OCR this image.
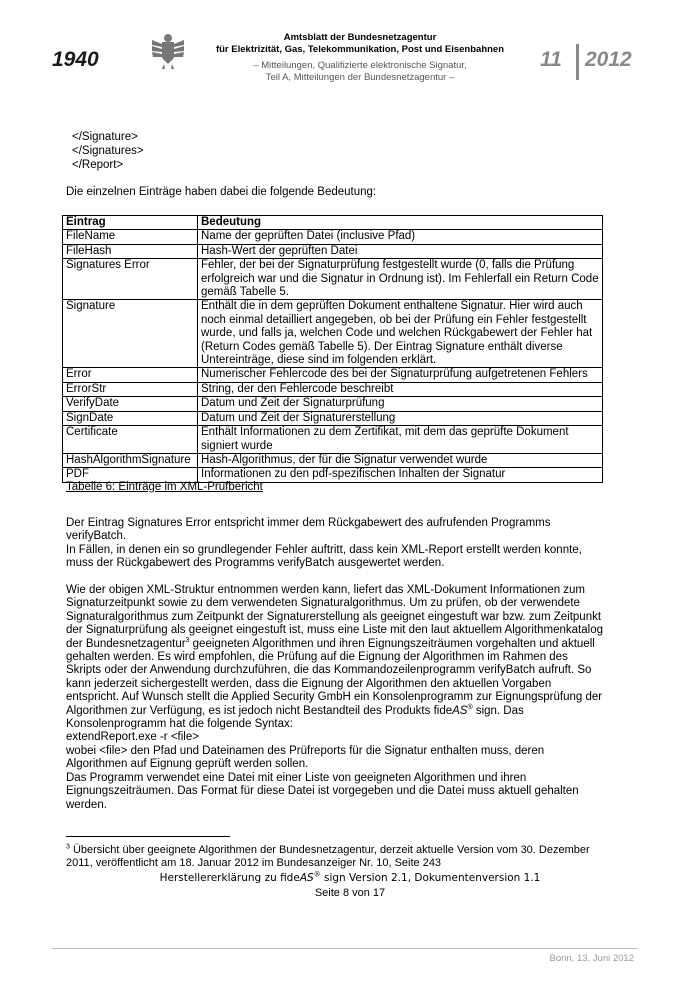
1940
Amtsblatt der Bundesnetzagentur
für Elektrizität, Gas, Telekommunikation, Post und Eisenbahnen
– Mitteilungen, Qualifizierte elektronische Signatur,
Teil A, Mitteilungen der Bundesnetzagentur –
11 2012
</Signature>
</Signatures>
</Report>
Die einzelnen Einträge haben dabei die folgende Bedeutung:
Eintrag	Bedeutung
FileName	Name der geprüften Datei (inclusive Pfad)
FileHash	Hash-Wert der geprüften Datei
Signatures Error	Fehler, der bei der Signaturprüfung festgestellt wurde (0, falls die Prüfung erfolgreich war und die Signatur in Ordnung ist). Im Fehlerfall ein Return Code gemäß Tabelle 5.
Signature	Enthält die in dem geprüften Dokument enthaltene Signatur. Hier wird auch noch einmal detailliert angegeben, ob bei der Prüfung ein Fehler festgestellt wurde, und falls ja, welchen Code und welchen Rückgabewert der Fehler hat (Return Codes gemäß Tabelle 5). Der Eintrag Signature enthält diverse Untereinträge, diese sind im folgenden erklärt.
Error	Numerischer Fehlercode des bei der Signaturprüfung aufgetretenen Fehlers
ErrorStr	String, der den Fehlercode beschreibt
VerifyDate	Datum und Zeit der Signaturprüfung
SignDate	Datum und Zeit der Signaturerstellung
Certificate	Enthält Informationen zu dem Zertifikat, mit dem das geprüfte Dokument signiert wurde
HashAlgorithmSignature	Hash-Algorithmus, der für die Signatur verwendet wurde
PDF	Informationen zu den pdf-spezifischen Inhalten der Signatur
Tabelle 6: Einträge im XML-Prüfbericht
Der Eintrag Signatures Error entspricht immer dem Rückgabewert des aufrufenden Programms verifyBatch.
In Fällen, in denen ein so grundlegender Fehler auftritt, dass kein XML-Report erstellt werden konnte, muss der Rückgabewert des Programms verifyBatch ausgewertet werden.
Wie der obigen XML-Struktur entnommen werden kann, liefert das XML-Dokument Informationen zum Signaturzeitpunkt sowie zu dem verwendeten Signaturalgorithmus. Um zu prüfen, ob der verwendete Signaturalgorithmus zum Zeitpunkt der Signaturerstellung als geeignet eingestuft war bzw. zum Zeitpunkt der Signaturprüfung als geeignet eingestuft ist, muss eine Liste mit den laut aktuellem Algorithmenkatalog der Bundesnetzagentur$^3$ geeigneten Algorithmen und ihren Eignungszeiträumen vorgehalten und aktuell gehalten werden. Es wird empfohlen, die Prüfung auf die Eignung der Algorithmen im Rahmen des Skripts oder der Anwendung durchzuführen, die das Kommandozeilenprogramm verifyBatch aufruft. So kann jederzeit sichergestellt werden, dass die Eignung der Algorithmen den aktuellen Vorgaben entspricht. Auf Wunsch stellt die Applied Security GmbH ein Konsolenprogramm zur Eignungsprüfung der Algorithmen zur Verfügung, es ist jedoch nicht Bestandteil des Produkts fideAS® sign. Das Konsolenprogramm hat die folgende Syntax:
extendReport.exe -r <file>
wobei <file> den Pfad und Dateinamen des Prüfreports für die Signatur enthalten muss, deren Algorithmen auf Eignung geprüft werden sollen.
Das Programm verwendet eine Datei mit einer Liste von geeigneten Algorithmen und ihren Eignungszeiträumen. Das Format für diese Datei ist vorgegeben und die Datei muss aktuell gehalten werden.
$^3$ Übersicht über geeignete Algorithmen der Bundesnetzagentur, derzeit aktuelle Version vom 30. Dezember 2011, veröffentlicht am 18. Januar 2012 im Bundesanzeiger Nr. 10, Seite 243
Herstellererklärung zu fideAS® sign Version 2.1, Dokumentenversion 1.1
Seite 8 von 17
Bonn, 13. Juni 2012
